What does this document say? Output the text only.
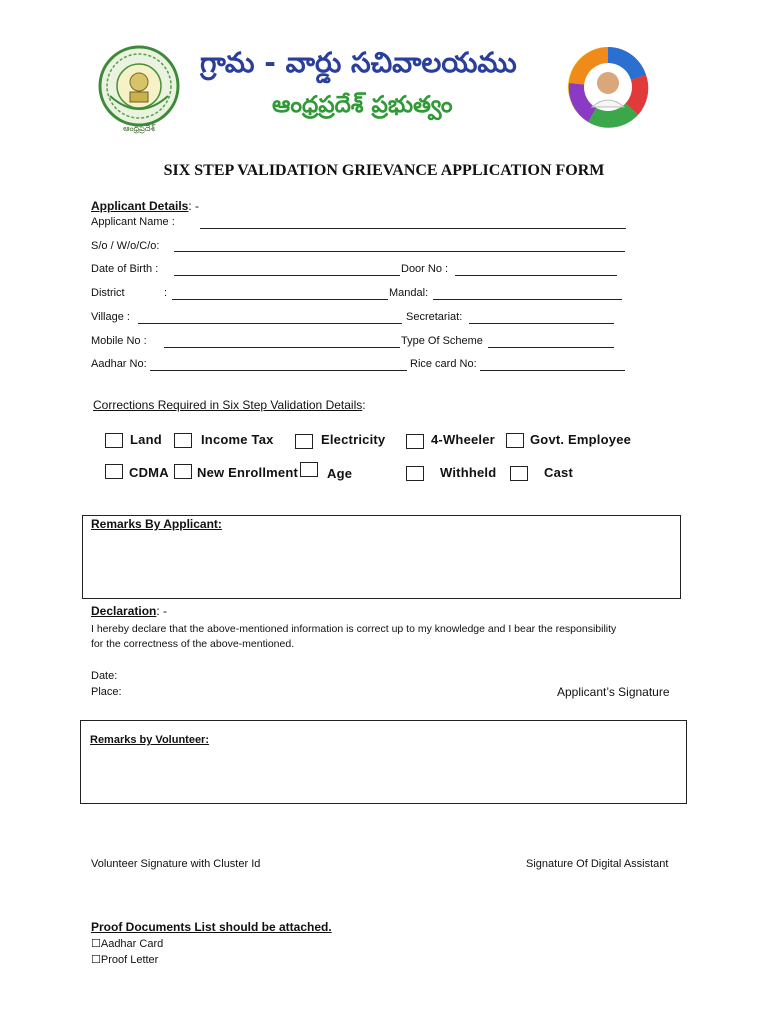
ఆంధ్రప్రదేశ్
గ్రామ - వార్డు సచివాలయము
ఆంధ్రప్రదేశ్ ప్రభుత్వం
SIX STEP VALIDATION GRIEVANCE APPLICATION FORM
Applicant Details: -
Applicant Name :
S/o / W/o/C/o:
Date of Birth :	Door No :
District	:	Mandal:
Village :	Secretariat:
Mobile No :	Type Of Scheme
Aadhar No:	Rice card No:
Corrections Required in Six Step Validation Details:
Land	Income Tax	Electricity	4-Wheeler	Govt. Employee
CDMA New Enrollment Age	Withheld	Cast
Remarks By Applicant:
Declaration: -
I hereby declare that the above-mentioned information is correct up to my knowledge and I bear the responsibility
for the correctness of the above-mentioned.
Date:
Place:	Applicant’s Signature
Remarks by Volunteer:
Volunteer Signature with Cluster Id	Signature Of Digital Assistant
Proof Documents List should be attached.
☐Aadhar Card
☐Proof Letter
